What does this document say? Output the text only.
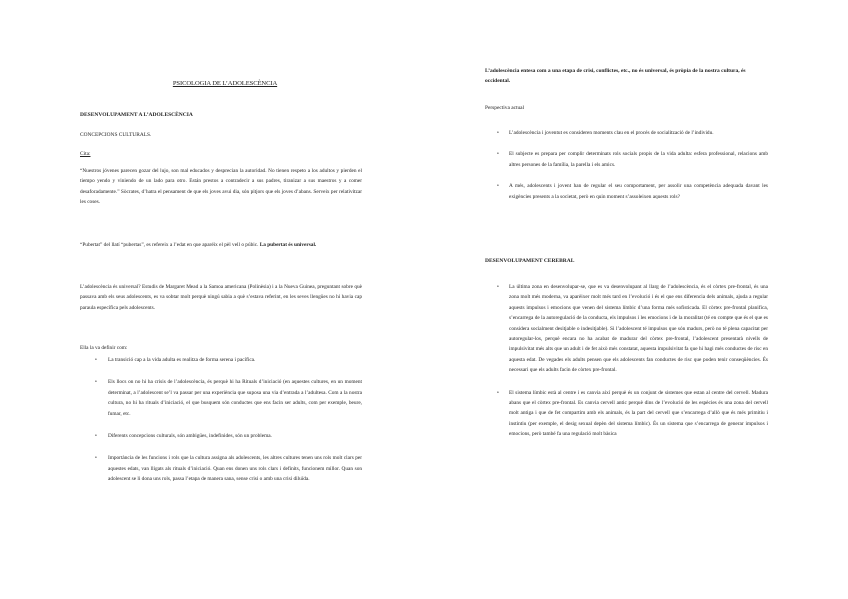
PSICOLOGIA DE L’ADOLESCÈNCIA

DESENVOLUPAMENT A L’ADOLESCÈNCIA

CONCEPCIONS CULTURALS.

Cita:

“Nuestros jóvenes parecen gozar del lujo, son mal educados y desprecian la autoridad. No tienen respeto a los adultos y pierden el tiempo yendo y viniendo de un lado para otro. Están prestos a contradecir a sus padres, tiranizar a sus maestros y a comer desaforadamente.” Sòcrates, d’hatra el pensament de que els joves avui dia, són pitjors que els joves d’abans. Serveix per relativitzar les coses.

“Pubertat” del llatí “pubertas”, es refereix a l’edat en que aparéix el pèl vell o púbic. La pubertat és universal.

L’adolescència és universal? Estudis de Margaret Mead a la Samoa americana (Polinèsia) i a la Nueva Guinea, preguntant sobre què passava amb els seus adolescents, es va sobtar molt perquè ningú sabia a què s’estava referint, en les seves llengües no hi havia cap paraula específica pels adolescents.

Ella la va definir com:

• La transició cap a la vida adulta es realitza de forma serena i pacífica.
• Els llocs on no hi ha crisis de l’adolescència, és perquè hi ha Rituals d’iniciació (en aquestes cultures, en un moment determinat, a l’adolescent se’l va passar per una experiència que suposa una via d’entrada a l’adultesa. Com a la nostra cultura, no hi ha rituals d’iniciació, el que busquem són conductes que ens facin ser adults, com per exemple, beure, fumar, etc.
• Diferents concepcions culturals, són ambigües, indefinides, són un problema.
• Importància de les funcions i rols que la cultura assigna als adolescents, les altres cultures tenen uns rols molt clars per aquestes edats, van lligats als rituals d’iniciació. Quan ens donen uns rols clars i definits, funcionem millor. Quan son adolescent se li dona uns rols, passa l’etapa de manera sana, sense crisi o amb una crisi diluïda.

L’adolescència entesa com a una etapa de crisi, conflictes, etc., no és universal, és pròpia de la nostra cultura, és occidental.

Perspectiva actual

• L’adolescència i joventut es consideren moments clau en el procés de socialització de l’individu.
• El subjecte es prepara per complir determinats rols socials propis de la vida adulta: esfera professional, relacions amb altres persones de la família, la parella i els amics.
• A més, adolescents i jovent han de regular el seu comportament, per assolir una competència adequada davant les exigències presents a la societat, però en quin moment s’assoleixen aquests rols?

DESENVOLUPAMENT CEREBRAL

• La última zona en desenvolupar-se, que es va desenvolupant al llarg de l’adolescència, és el còrtex pre-frontal, és una zona molt més moderna, va aparèixer molt més tard en l’evolució i és el que ens diferencia dels animals, ajuda a regular aquests impulsos i emocions que venen del sistema límbic d’una forma més sofisticada. El còrtex pre-frontal planifica, s’encarrega de la autoregulació de la conducta, els impulsos i les emocions i de la moralitat (té en compte que és el que es considera socialment desitjable o indesitjable). Si l’adolescent té impulsos que són madurs, però no té plena capacitat per autoregular-los, perquè encara no ha acabat de madurar del còrtex pre-frontal, l’adolescent presentarà nivells de impulsivitat més alts que un adult i de fet això més constatat, aquesta impulsivitat fa que hi hagi més conductes de risc en aquesta edat. De vegades els adults pensen que els adolescents fan conductes de risc que poden tenir conseqüències. És necessari que els adults facin de còrtex pre-frontal.
• El sistema límbic està al centre i es canvia així perquè és un conjunt de sistemes que estan al centre del cervell. Madura abans que el còrtex pre-frontal. Es canvia cervell antic perquè dins de l’evolució de les espècies és una zona del cervell molt antiga i que de fet compartim amb els animals, és la part del cervell que s’encarrega d’allò que és més primitiu i instintiu (per exemple, el desig sexual depèn del sistema límbic). És un sistema que s’encarrega de generar impulsos i emocions, però també fa una regulació molt bàsica
